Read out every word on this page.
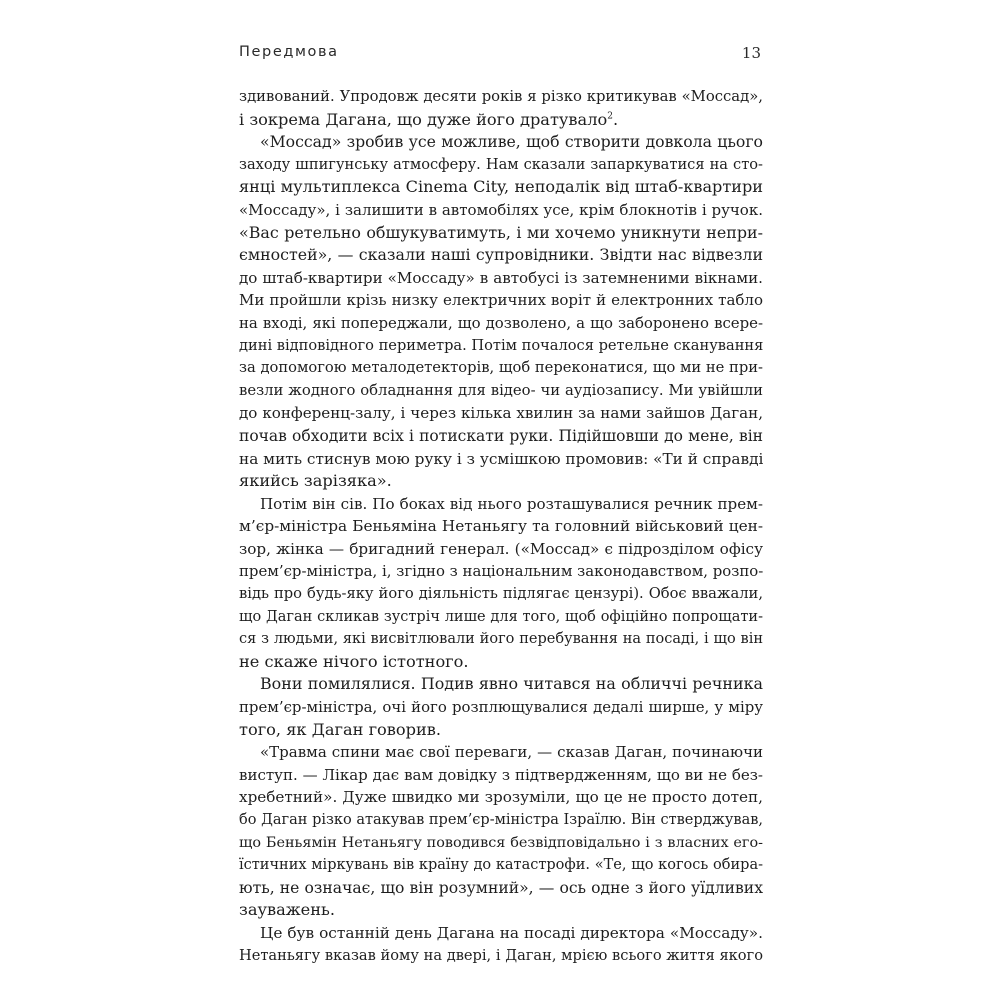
Передмова	13
здивований. Упродовж десяти років я різко критикував «Моссад»,
і зокрема Дагана, що дуже його дратувало$^2$.
«Моссад» зробив усе можливе, щоб створити довкола цього
заходу шпигунську атмосферу. Нам сказали запаркуватися на сто-
янці мультиплекса Cinema City, неподалік від штаб-квартири
«Моссаду», і залишити в автомобілях усе, крім блокнотів і ручок.
«Вас ретельно обшукуватимуть, і ми хочемо уникнути непри-
ємностей», — сказали наші супровідники. Звідти нас відвезли
до штаб-квартири «Моссаду» в автобусі із затемненими вікнами.
Ми пройшли крізь низку електричних воріт й електронних табло
на вході, які попереджали, що дозволено, а що заборонено всере-
дині відповідного периметра. Потім почалося ретельне сканування
за допомогою металодетекторів, щоб переконатися, що ми не при-
везли жодного обладнання для відео- чи аудіозапису. Ми увійшли
до конференц-залу, і через кілька хвилин за нами зайшов Даган,
почав обходити всіх і потискати руки. Підійшовши до мене, він
на мить стиснув мою руку і з усмішкою промовив: «Ти й справді
якийсь зарізяка».
Потім він сів. По боках від нього розташувалися речник прем-
м’єр-міністра Беньяміна Нетаньягу та головний військовий цен-
зор, жінка — бригадний генерал. («Моссад» є підрозділом офісу
прем’єр-міністра, і, згідно з національним законодавством, розпо-
відь про будь-яку його діяльність підлягає цензурі). Обоє вважали,
що Даган скликав зустріч лише для того, щоб офіційно попрощати-
ся з людьми, які висвітлювали його перебування на посаді, і що він
не скаже нічого істотного.
Вони помилялися. Подив явно читався на обличчі речника
прем’єр-міністра, очі його розплющувалися дедалі ширше, у міру
того, як Даган говорив.
«Травма спини має свої переваги, — сказав Даган, починаючи
виступ. — Лікар дає вам довідку з підтвердженням, що ви не без-
хребетний». Дуже швидко ми зрозуміли, що це не просто дотеп,
бо Даган різко атакував прем’єр-міністра Ізраїлю. Він стверджував,
що Беньямін Нетаньягу поводився безвідповідально і з власних его-
їстичних міркувань вів країну до катастрофи. «Те, що когось обира-
ють, не означає, що він розумний», — ось одне з його уїдливих
зауважень.
Це був останній день Дагана на посаді директора «Моссаду».
Нетаньягу вказав йому на двері, і Даган, мрією всього життя якого
